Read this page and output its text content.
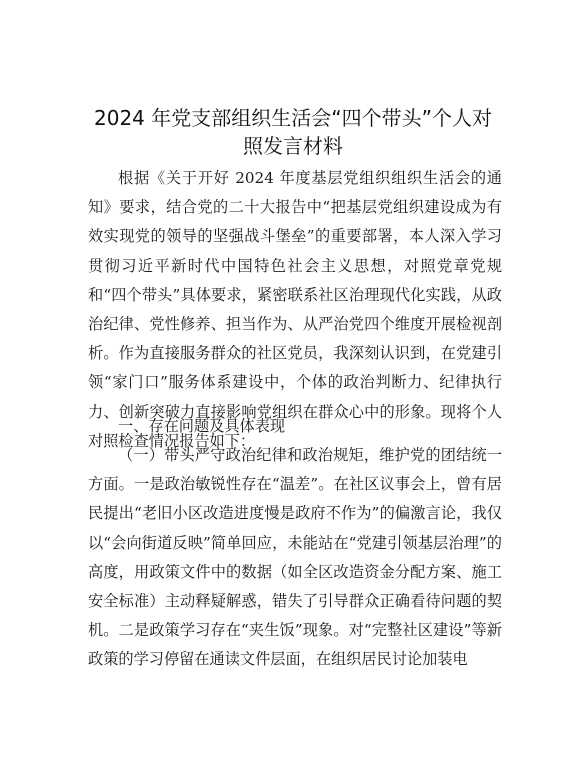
2024 年党支部组织生活会“四个带头”个人对
照发言材料

根据《关于开好 2024 年度基层党组织组织生活会的通知》要求，结合党的二十大报告中“把基层党组织建设成为有效实现党的领导的坚强战斗堡垒”的重要部署，本人深入学习贯彻习近平新时代中国特色社会主义思想，对照党章党规和“四个带头”具体要求，紧密联系社区治理现代化实践，从政治纪律、党性修养、担当作为、从严治党四个维度开展检视剖析。作为直接服务群众的社区党员，我深刻认识到，在党建引领“家门口”服务体系建设中，个体的政治判断力、纪律执行力、创新突破力直接影响党组织在群众心中的形象。现将个人对照检查情况报告如下：

一、存在问题及具体表现

（一）带头严守政治纪律和政治规矩，维护党的团结统一方面。一是政治敏锐性存在“温差”。在社区议事会上，曾有居民提出“老旧小区改造进度慢是政府不作为”的偏激言论，我仅以“会向街道反映”简单回应，未能站在“党建引领基层治理”的高度，用政策文件中的数据（如全区改造资金分配方案、施工安全标准）主动释疑解惑，错失了引导群众正确看待问题的契机。二是政策学习存在“夹生饭”现象。对“完整社区建设”等新政策的学习停留在通读文件层面，在组织居民讨论加装电
